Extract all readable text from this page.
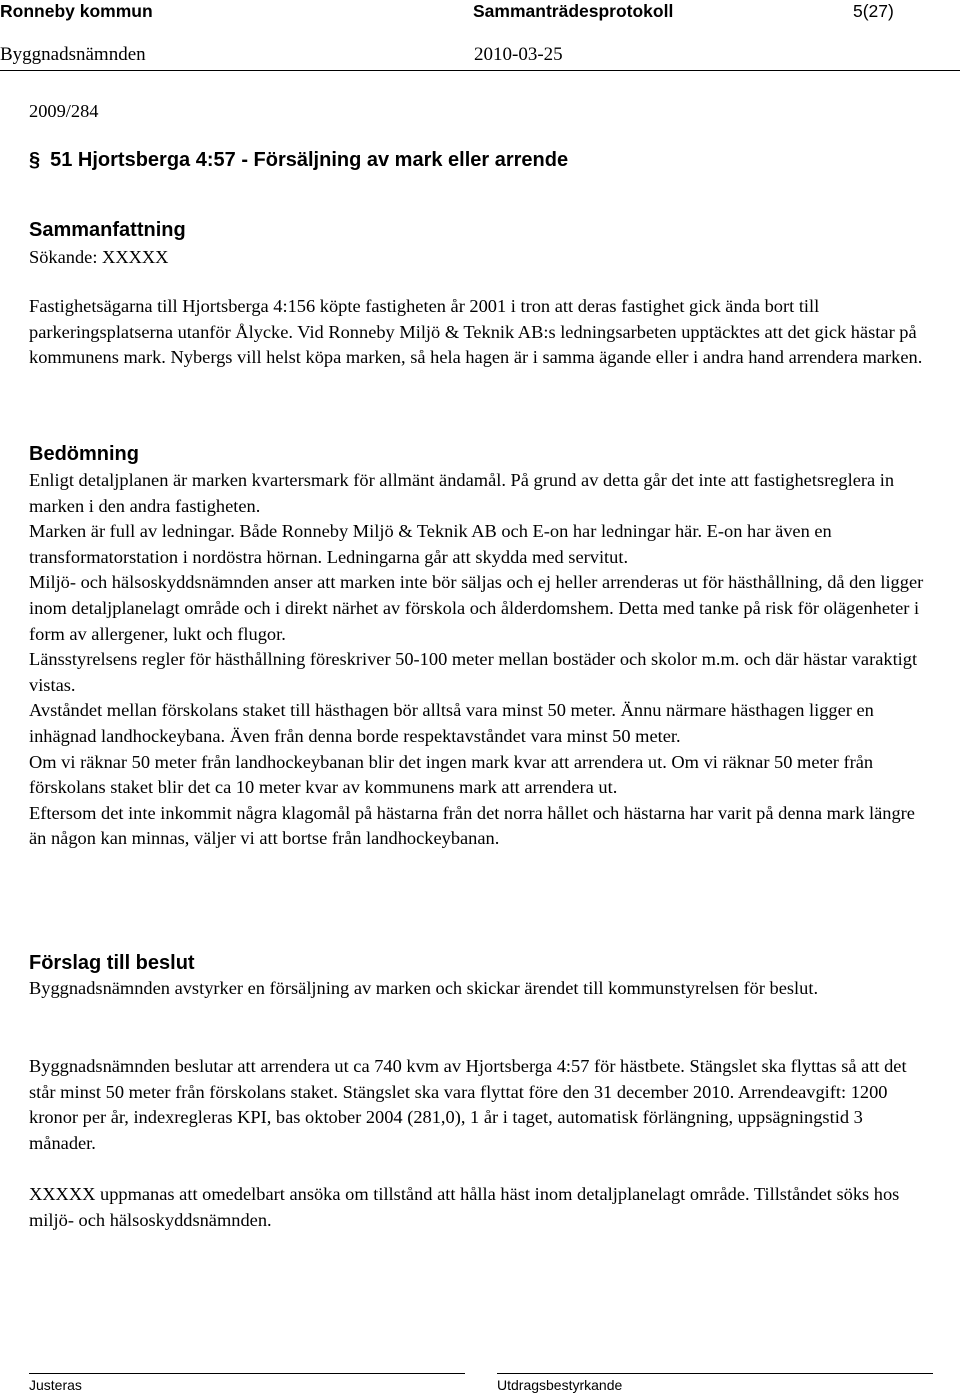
Ronneby kommun	Sammanträdesprotokoll	5(27)
Byggnadsnämnden	2010-03-25
2009/284
§ 51 Hjortsberga 4:57 - Försäljning av mark eller arrende
Sammanfattning
Sökande: XXXXX

Fastighetsägarna till Hjortsberga 4:156 köpte fastigheten år 2001 i tron att deras fastighet gick ända bort till parkeringsplatserna utanför Ålycke. Vid Ronneby Miljö & Teknik AB:s ledningsarbeten upptäcktes att det gick hästar på kommunens mark. Nybergs vill helst köpa marken, så hela hagen är i samma ägande eller i andra hand arrendera marken.

Bedömning

Enligt detaljplanen är marken kvartersmark för allmänt ändamål. På grund av detta går det inte att fastighetsreglera in marken i den andra fastigheten.

Marken är full av ledningar. Både Ronneby Miljö & Teknik AB och E-on har ledningar här. E-on har även en transformatorstation i nordöstra hörnan. Ledningarna går att skydda med servitut.

Miljö- och hälsoskyddsnämnden anser att marken inte bör säljas och ej heller arrenderas ut för hästhållning, då den ligger inom detaljplanelagt område och i direkt närhet av förskola och ålderdomshem. Detta med tanke på risk för olägenheter i form av allergener, lukt och flugor.

Länsstyrelsens regler för hästhållning föreskriver 50-100 meter mellan bostäder och skolor m.m. och där hästar varaktigt vistas.

Avståndet mellan förskolans staket till hästhagen bör alltså vara minst 50 meter. Ännu närmare hästhagen ligger en inhägnad landhockeybana. Även från denna borde respektavståndet vara minst 50 meter.

Om vi räknar 50 meter från landhockeybanan blir det ingen mark kvar att arrendera ut. Om vi räknar 50 meter från förskolans staket blir det ca 10 meter kvar av kommunens mark att arrendera ut.

Eftersom det inte inkommit några klagomål på hästarna från det norra hållet och hästarna har varit på denna mark längre än någon kan minnas, väljer vi att bortse från landhockeybanan.

Förslag till beslut

Byggnadsnämnden avstyrker en försäljning av marken och skickar ärendet till kommunstyrelsen för beslut.

Byggnadsnämnden beslutar att arrendera ut ca 740 kvm av Hjortsberga 4:57 för hästbete. Stängslet ska flyttas så att det står minst 50 meter från förskolans staket. Stängslet ska vara flyttat före den 31 december 2010. Arrendeavgift: 1200 kronor per år, indexregleras KPI, bas oktober 2004 (281,0), 1 år i taget, automatisk förlängning, uppsägningstid 3 månader.

XXXXX uppmanas att omedelbart ansöka om tillstånd att hålla häst inom detaljplanelagt område. Tillståndet söks hos miljö- och hälsoskyddsnämnden.

Justeras	Utdragsbestyrkande
